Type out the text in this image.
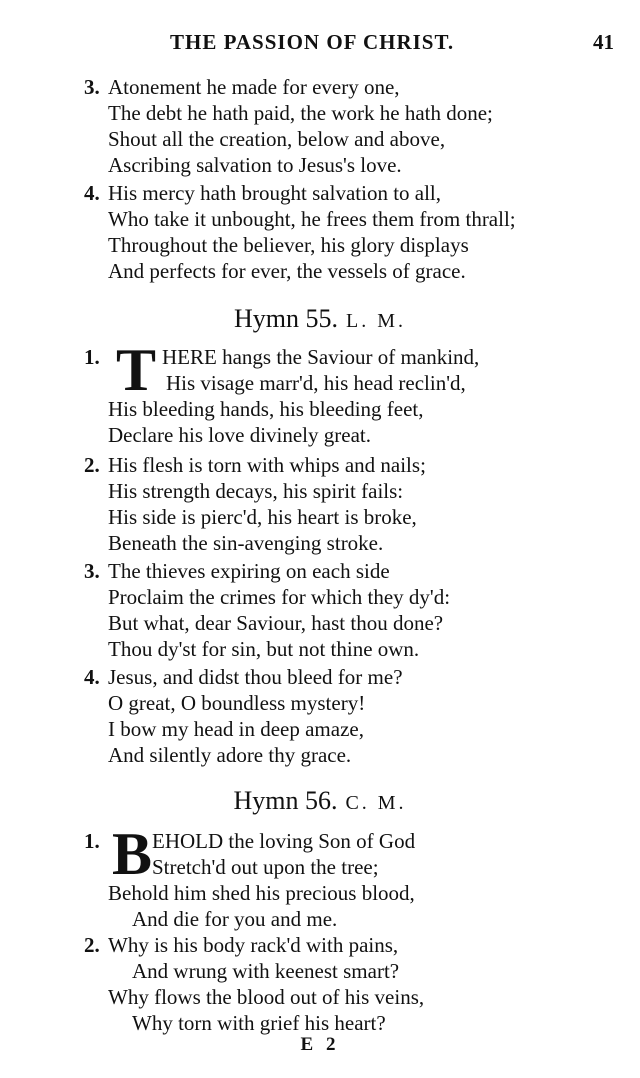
THE PASSION OF CHRIST.	41
3. Atonement he made for every one,
The debt he hath paid, the work he hath done;
Shout all the creation, below and above,
Ascribing salvation to Jesus's love.
4. His mercy hath brought salvation to all,
Who take it unbought, he frees them from thrall;
Throughout the believer, his glory displays
And perfects for ever, the vessels of grace.
Hymn 55. L. M.
1. T HERE hangs the Saviour of mankind,
His visage marr'd, his head reclin'd,
His bleeding hands, his bleeding feet,
Declare his love divinely great.
2. His flesh is torn with whips and nails;
His strength decays, his spirit fails:
His side is pierc'd, his heart is broke,
Beneath the sin-avenging stroke.
3. The thieves expiring on each side
Proclaim the crimes for which they dy'd:
But what, dear Saviour, hast thou done?
Thou dy'st for sin, but not thine own.
4. Jesus, and didst thou bleed for me?
O great, O boundless mystery!
I bow my head in deep amaze,
And silently adore thy grace.
Hymn 56. C. M.
1. B EHOLD the loving Son of God
Stretch'd out upon the tree;
Behold him shed his precious blood,
And die for you and me.
2. Why is his body rack'd with pains,
And wrung with keenest smart?
Why flows the blood out of his veins,
Why torn with grief his heart?
E 2
